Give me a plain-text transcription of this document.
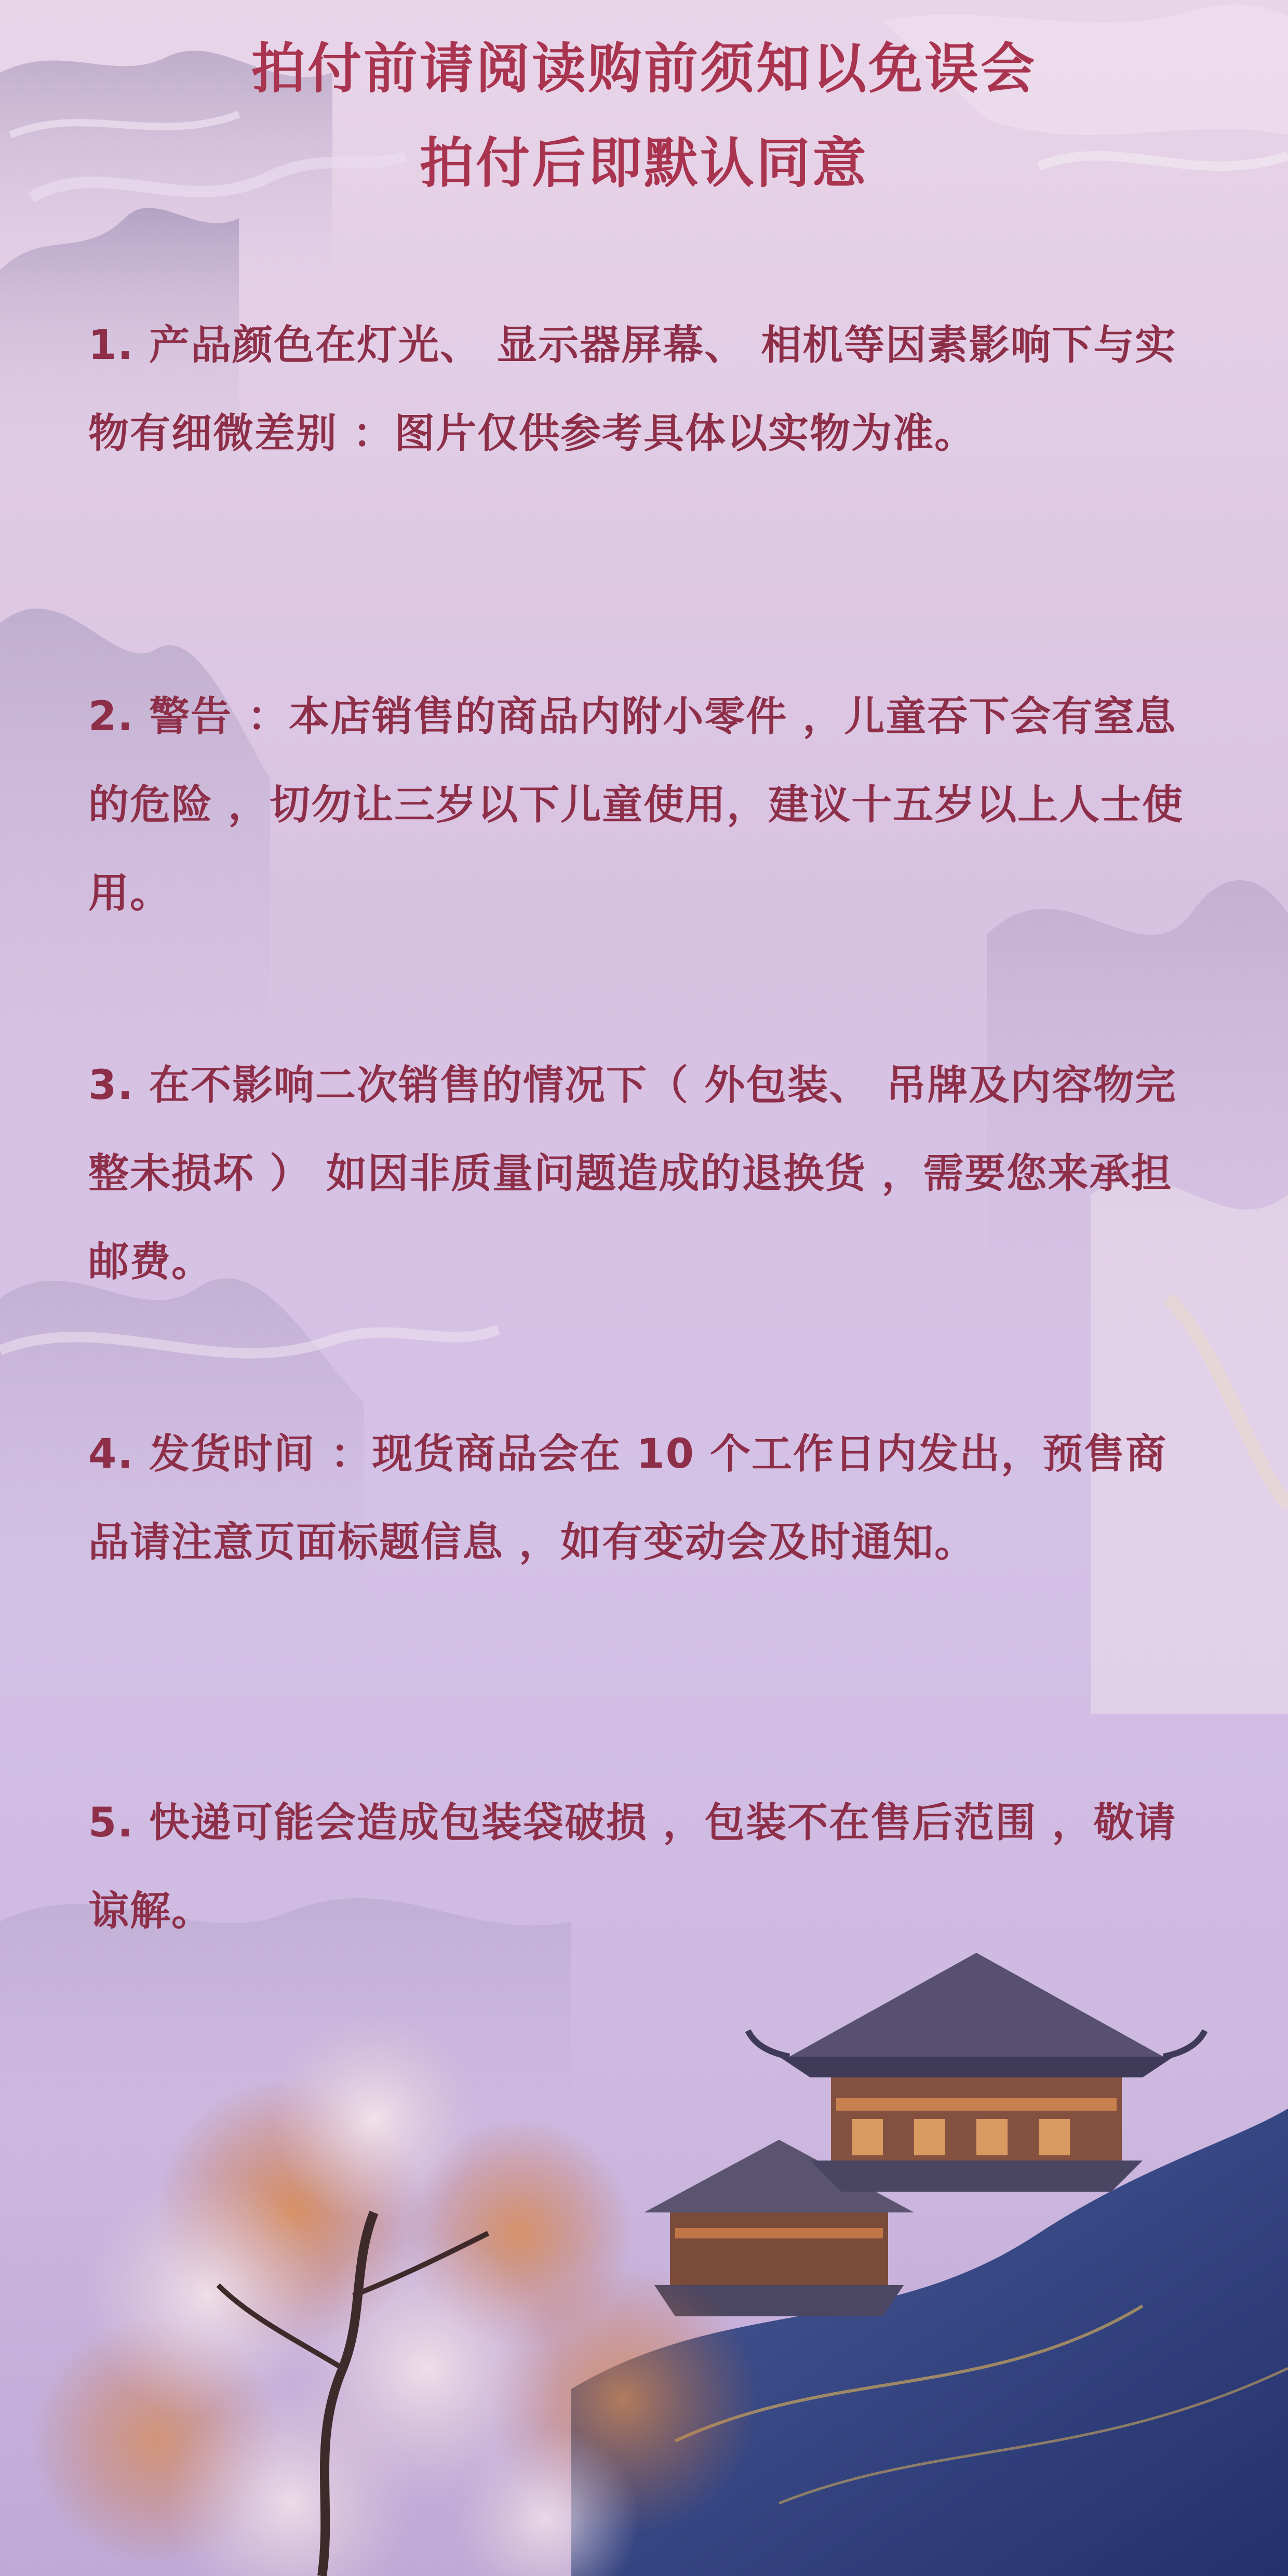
拍付前请阅读购前须知以免误会
拍付后即默认同意
1. 产品颜色在灯光、 显示器屏幕、 相机等因素影响下与实物有细微差别 ：图片仅供参考具体以实物为准。
2. 警告 ：本店销售的商品内附小零件 ，儿童吞下会有窒息的危险 ，切勿让三岁以下儿童使用，建议十五岁以上人士使用。
3. 在不影响二次销售的情况下（ 外包装、 吊牌及内容物完整未损坏 ） 如因非质量问题造成的退换货 ，需要您来承担邮费。
4. 发货时间 ：现货商品会在 10 个工作日内发出，预售商品请注意页面标题信息 ，如有变动会及时通知。
5. 快递可能会造成包装袋破损 ，包装不在售后范围 ，敬请谅解。
